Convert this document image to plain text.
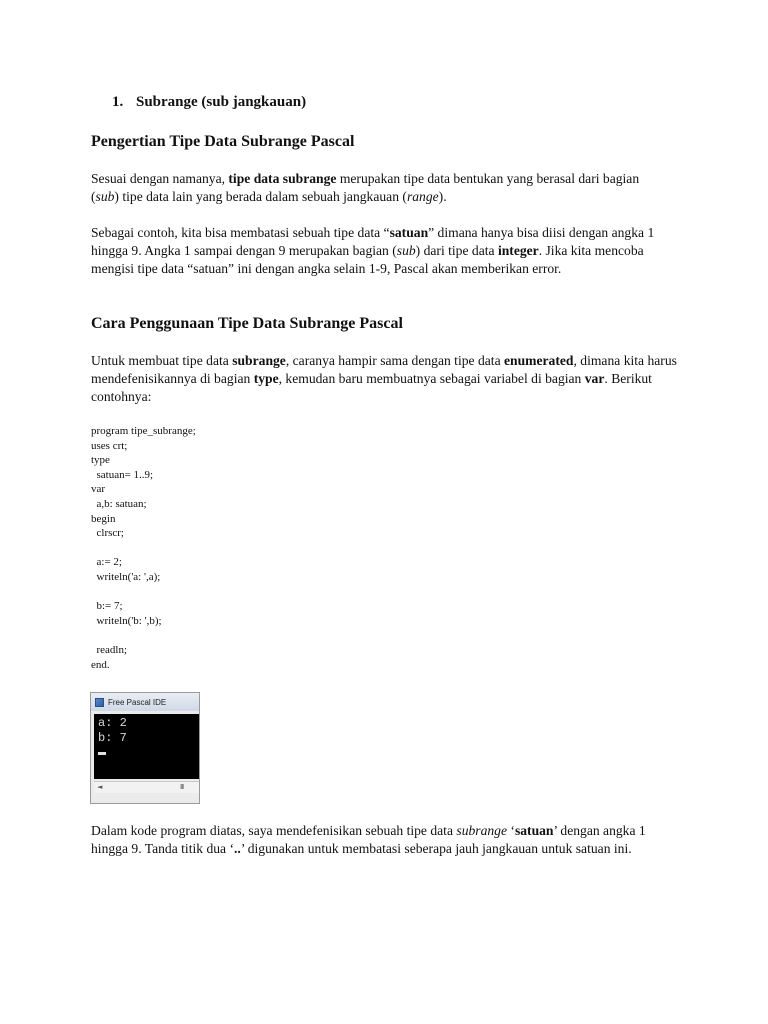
1. Subrange (sub jangkauan)
Pengertian Tipe Data Subrange Pascal

Sesuai dengan namanya, tipe data subrange merupakan tipe data bentukan yang berasal dari bagian (sub) tipe data lain yang berada dalam sebuah jangkauan (range).

Sebagai contoh, kita bisa membatasi sebuah tipe data “satuan” dimana hanya bisa diisi dengan angka 1 hingga 9. Angka 1 sampai dengan 9 merupakan bagian (sub) dari tipe data integer. Jika kita mencoba mengisi tipe data “satuan” ini dengan angka selain 1-9, Pascal akan memberikan error.

Cara Penggunaan Tipe Data Subrange Pascal

Untuk membuat tipe data subrange, caranya hampir sama dengan tipe data enumerated, dimana kita harus mendefenisikannya di bagian type, kemudan baru membuatnya sebagai variabel di bagian var. Berikut contohnya:

program tipe_subrange;
uses crt;
type
satuan= 1..9;
var
a,b: satuan;
begin
clrscr;

a:= 2;
writeln('a: ',a);

b:= 7;
writeln('b: ',b);

readln;
end.
Free Pascal IDE
a: 2
b: 7
◄	III

Dalam kode program diatas, saya mendefenisikan sebuah tipe data subrange ‘satuan’ dengan angka 1 hingga 9. Tanda titik dua ‘..’ digunakan untuk membatasi seberapa jauh jangkauan untuk satuan ini.
